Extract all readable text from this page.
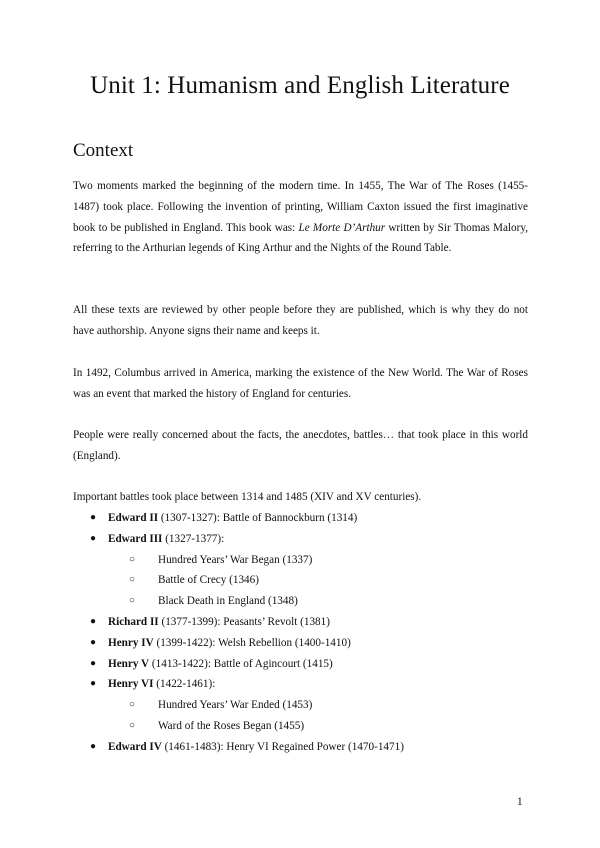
Unit 1: Humanism and English Literature
Context

Two moments marked the beginning of the modern time. In 1455, The War of The Roses (1455-1487) took place. Following the invention of printing, William Caxton issued the first imaginative book to be published in England. This book was: Le Morte D’Arthur written by Sir Thomas Malory, referring to the Arthurian legends of King Arthur and the Nights of the Round Table.

All these texts are reviewed by other people before they are published, which is why they do not have authorship. Anyone signs their name and keeps it.

In 1492, Columbus arrived in America, marking the existence of the New World. The War of Roses was an event that marked the history of England for centuries.

People were really concerned about the facts, the anecdotes, battles… that took place in this world (England).

Important battles took place between 1314 and 1485 (XIV and XV centuries).

● Edward II (1307-1327): Battle of Bannockburn (1314)
● Edward III (1327-1377):
○ Hundred Years’ War Began (1337)
○ Battle of Crecy (1346)
○ Black Death in England (1348)
● Richard II (1377-1399): Peasants’ Revolt (1381)
● Henry IV (1399-1422): Welsh Rebellion (1400-1410)
● Henry V (1413-1422): Battle of Agincourt (1415)
● Henry VI (1422-1461):
○ Hundred Years’ War Ended (1453)
○ Ward of the Roses Began (1455)
● Edward IV (1461-1483): Henry VI Regained Power (1470-1471)
1
